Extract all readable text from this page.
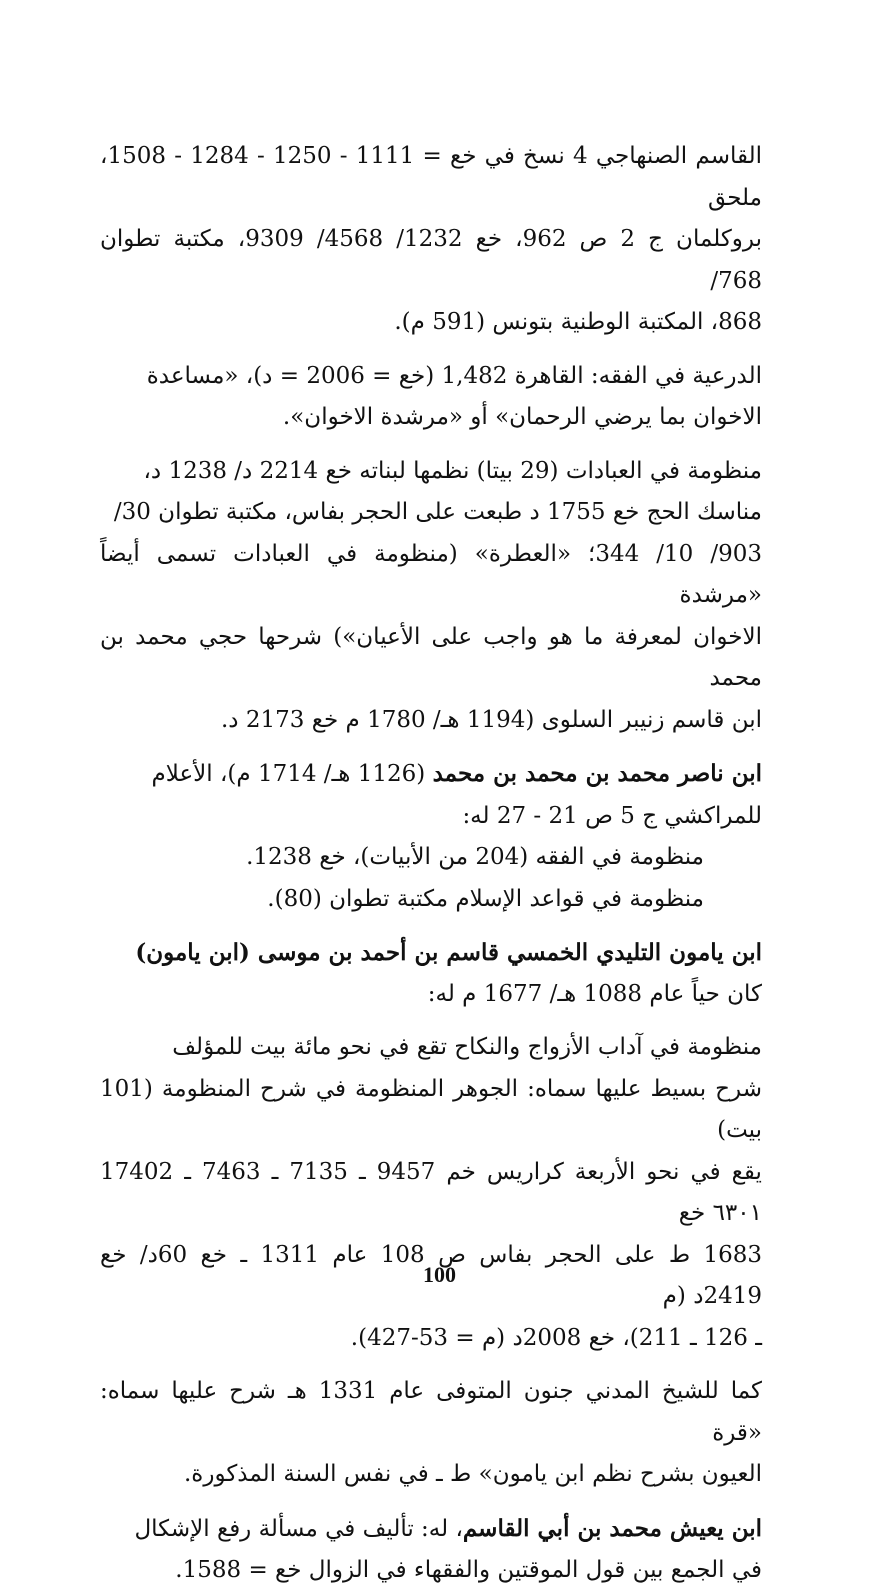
القاسم الصنهاجي 4 نسخ في خع = 1111 - 1250 - 1284 - 1508، ملحق
بروكلمان ج 2 ص 962، خع 1232/ 4568/ 9309، مكتبة تطوان 768/
868، المكتبة الوطنية بتونس (591 م).

الدرعية في الفقه: القاهرة 1,482 (خع = 2006 = د)، «مساعدة
الاخوان بما يرضي الرحمان» أو «مرشدة الاخوان».

منظومة في العبادات (29 بيتا) نظمها لبناته خع 2214 د/ 1238 د،
مناسك الحج خع 1755 د طبعت على الحجر بفاس، مكتبة تطوان 30/
903/ 10/ 344؛ «العطرة» (منظومة في العبادات تسمى أيضاً «مرشدة
الاخوان لمعرفة ما هو واجب على الأعيان») شرحها حجي محمد بن محمد
ابن قاسم زنيبر السلوى (1194 هـ/ 1780 م خع 2173 د.

ابن ناصر محمد بن محمد بن محمد (1126 هـ/ 1714 م)، الأعلام
للمراكشي ج 5 ص 21 - 27 له:

منظومة في الفقه (204 من الأبيات)، خع 1238.

منظومة في قواعد الإسلام مكتبة تطوان (80).

ابن يامون التليدي الخمسي قاسم بن أحمد بن موسى (ابن يامون)
كان حياً عام 1088 هـ/ 1677 م له:

منظومة في آداب الأزواج والنكاح تقع في نحو مائة بيت للمؤلف
شرح بسيط عليها سماه: الجوهر المنظومة في شرح المنظومة (101 بيت)
يقع في نحو الأربعة كراريس خم 9457 ـ 7135 ـ 7463 ـ 17402 ٦٣٠١ خع
1683 ط على الحجر بفاس ص 108 عام 1311 ـ خع 60د/ خع 2419د (م
ـ 126 ـ 211)، خع 2008د (م = 53-427).

كما للشيخ المدني جنون المتوفى عام 1331 هـ شرح عليها سماه: «قرة
العيون بشرح نظم ابن يامون» ط ـ في نفس السنة المذكورة.

ابن يعيش محمد بن أبي القاسم، له: تأليف في مسألة رفع الإشكال
في الجمع بين قول الموقتين والفقهاء في الزوال خع = 1588.

100
